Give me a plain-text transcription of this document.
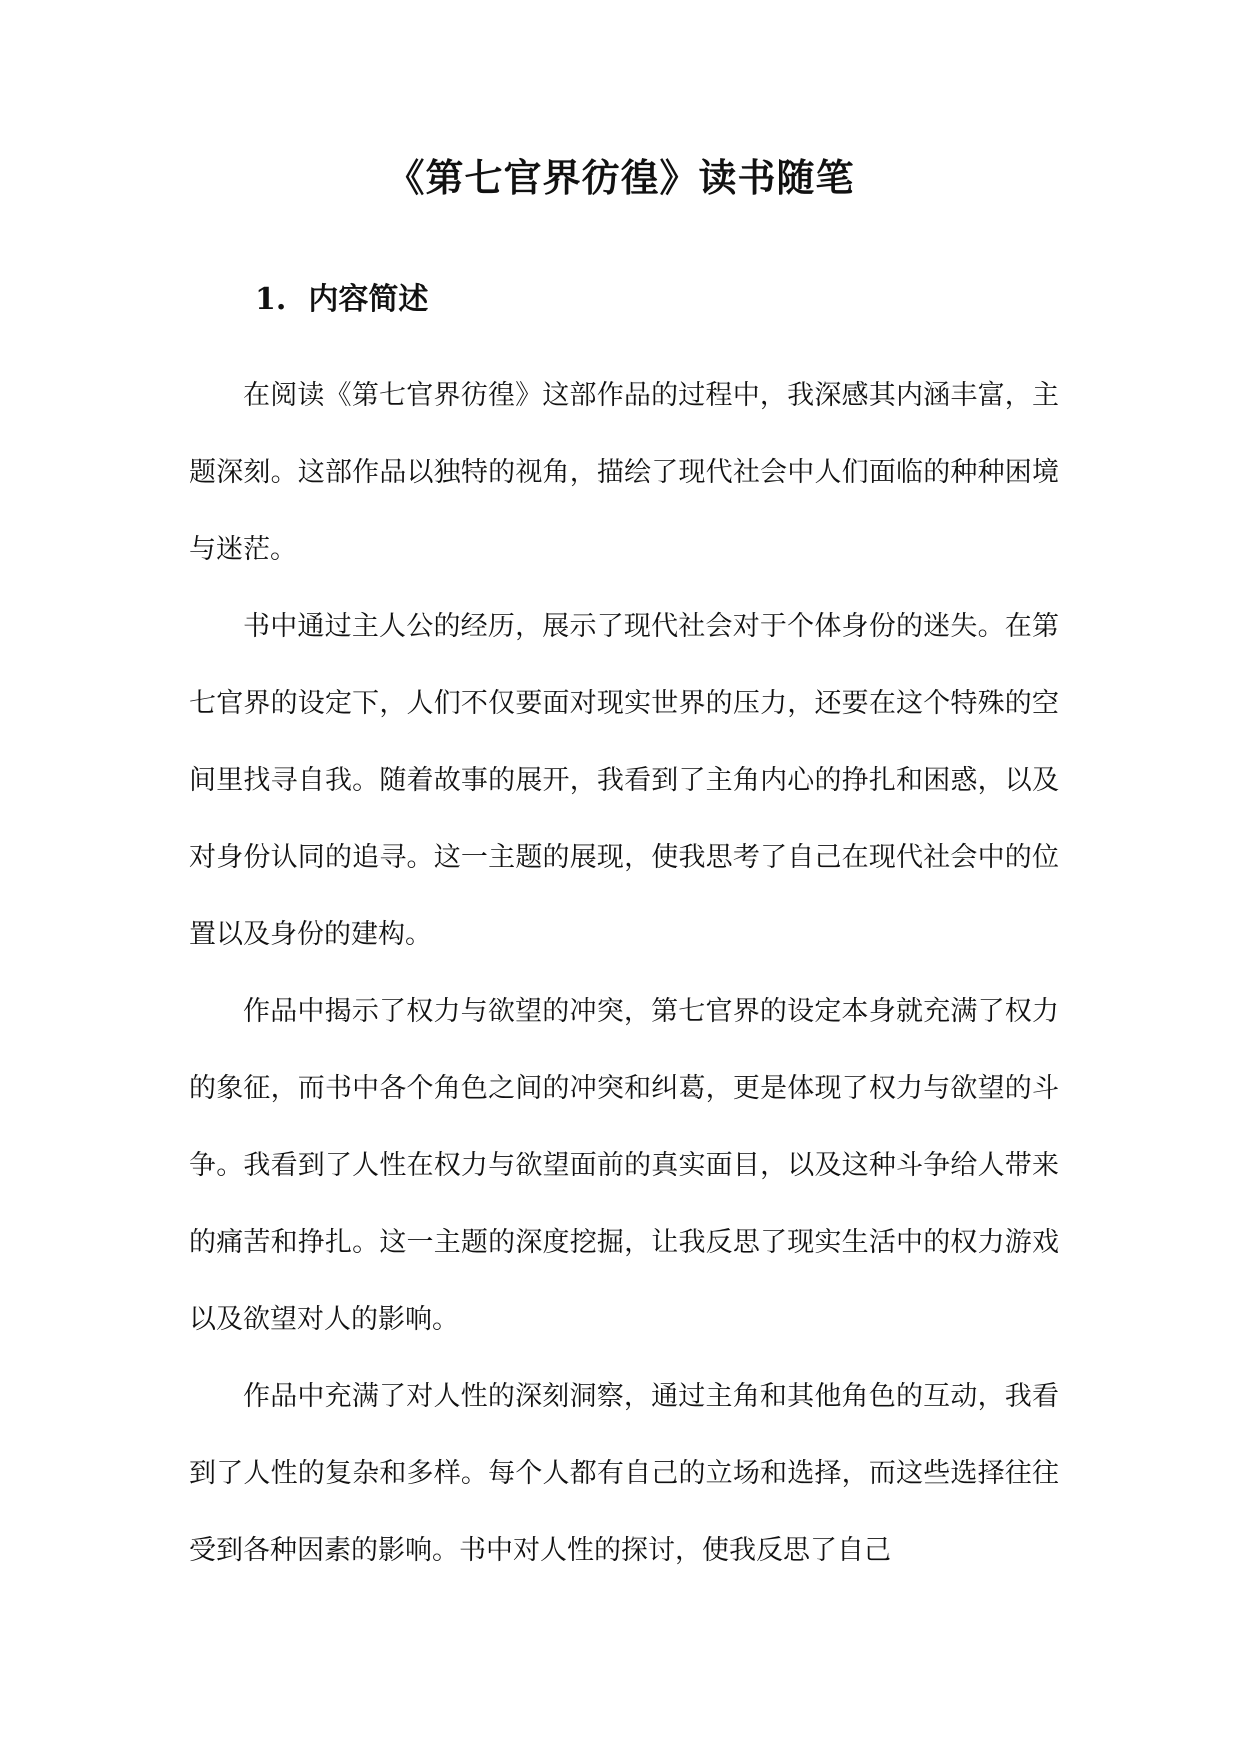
《第七官界彷徨》读书随笔
1. 内容简述

在阅读《第七官界彷徨》这部作品的过程中，我深感其内涵丰富，主题深刻。这部作品以独特的视角，描绘了现代社会中人们面临的种种困境与迷茫。

书中通过主人公的经历，展示了现代社会对于个体身份的迷失。在第七官界的设定下，人们不仅要面对现实世界的压力，还要在这个特殊的空间里找寻自我。随着故事的展开，我看到了主角内心的挣扎和困惑，以及对身份认同的追寻。这一主题的展现，使我思考了自己在现代社会中的位置以及身份的建构。

作品中揭示了权力与欲望的冲突，第七官界的设定本身就充满了权力的象征，而书中各个角色之间的冲突和纠葛，更是体现了权力与欲望的斗争。我看到了人性在权力与欲望面前的真实面目，以及这种斗争给人带来的痛苦和挣扎。这一主题的深度挖掘，让我反思了现实生活中的权力游戏以及欲望对人的影响。

作品中充满了对人性的深刻洞察，通过主角和其他角色的互动，我看到了人性的复杂和多样。每个人都有自己的立场和选择，而这些选择往往受到各种因素的影响。书中对人性的探讨，使我反思了自己
